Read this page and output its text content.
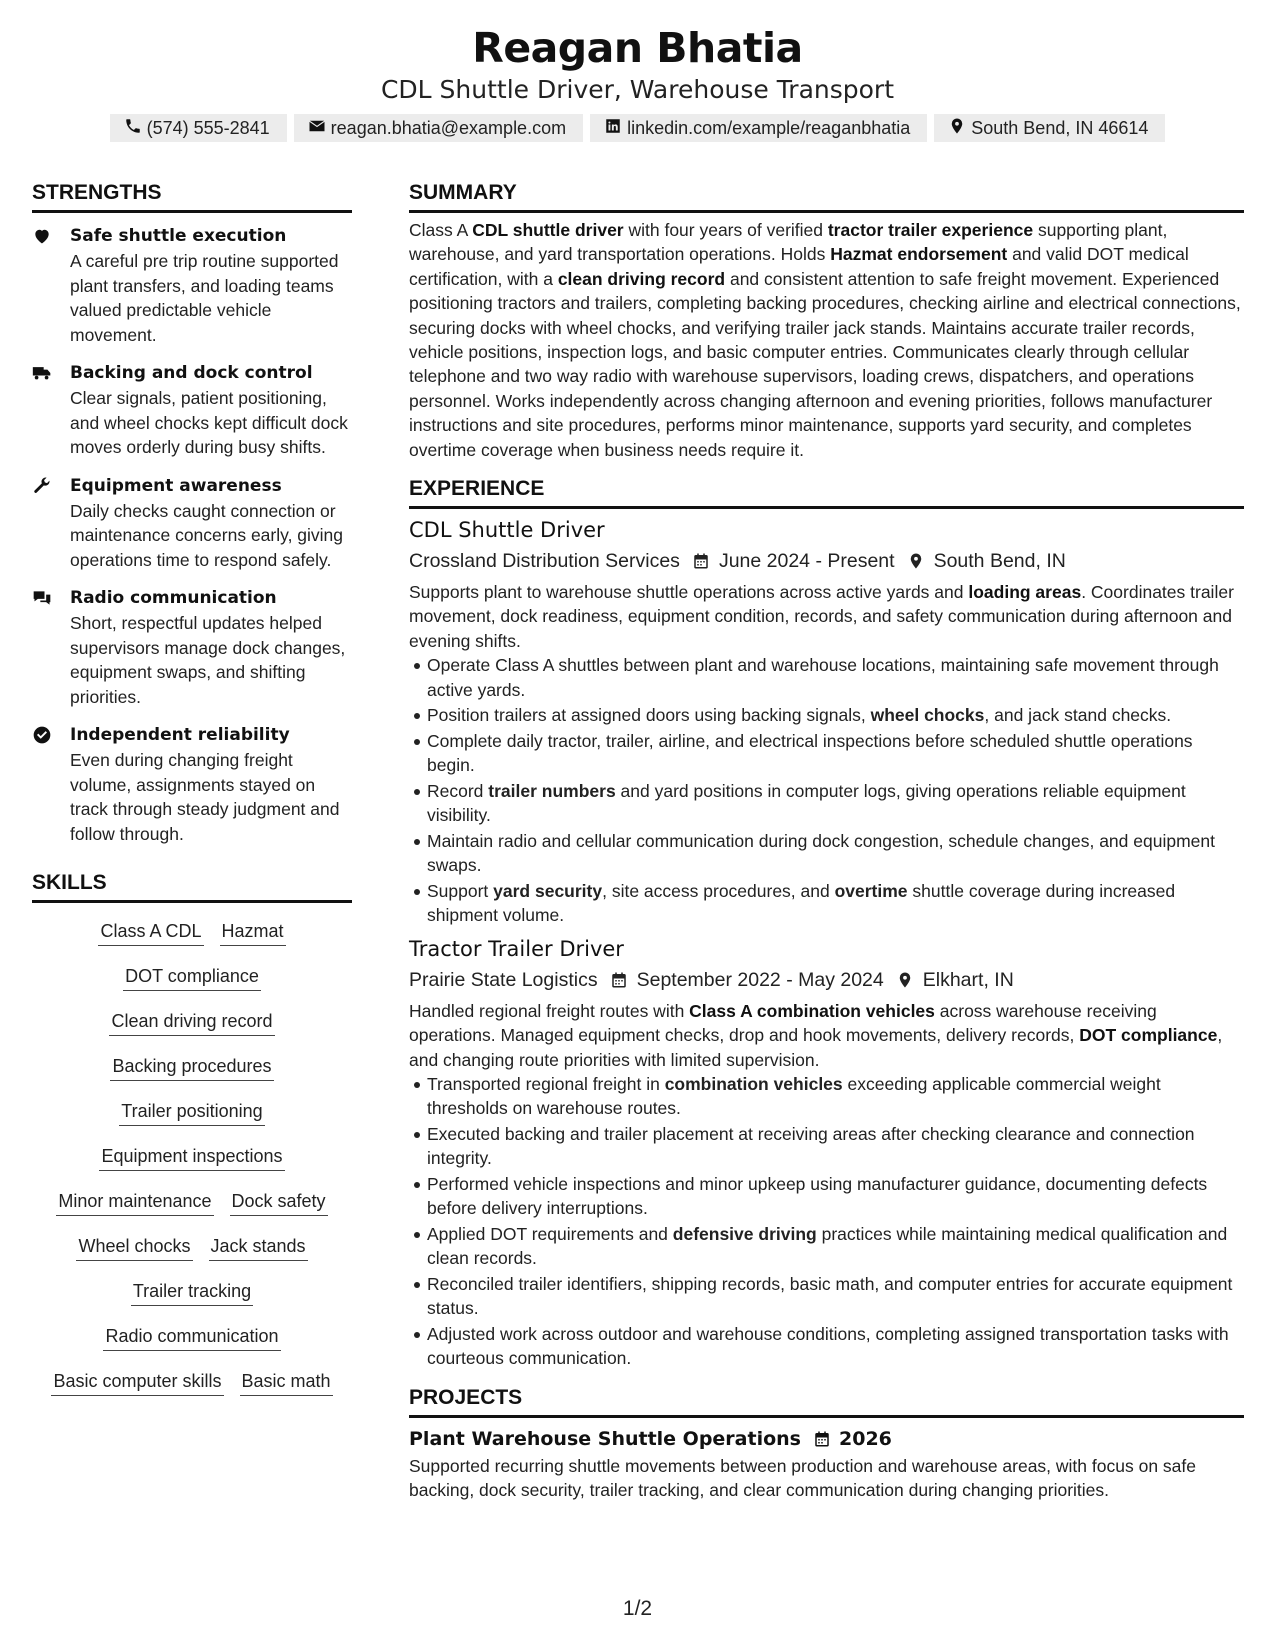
Reagan Bhatia
CDL Shuttle Driver, Warehouse Transport
(574) 555-2841	reagan.bhatia@example.com	linkedin.com/example/reaganbhatia	South Bend, IN 46614
STRENGTHS
Safe shuttle execution
A careful pre trip routine supported plant transfers, and loading teams valued predictable vehicle movement.
Backing and dock control
Clear signals, patient positioning, and wheel chocks kept difficult dock moves orderly during busy shifts.
Equipment awareness
Daily checks caught connection or maintenance concerns early, giving operations time to respond safely.
Radio communication
Short, respectful updates helped supervisors manage dock changes, equipment swaps, and shifting priorities.
Independent reliability
Even during changing freight volume, assignments stayed on track through steady judgment and follow through.
SKILLS
Class A CDL Hazmat
DOT compliance
Clean driving record
Backing procedures
Trailer positioning
Equipment inspections
Minor maintenance Dock safety
Wheel chocks Jack stands
Trailer tracking
Radio communication
Basic computer skills Basic math
SUMMARY
Class A CDL shuttle driver with four years of verified tractor trailer experience supporting plant, warehouse, and yard transportation operations. Holds Hazmat endorsement and valid DOT medical certification, with a clean driving record and consistent attention to safe freight movement. Experienced positioning tractors and trailers, completing backing procedures, checking airline and electrical connections, securing docks with wheel chocks, and verifying trailer jack stands. Maintains accurate trailer records, vehicle positions, inspection logs, and basic computer entries. Communicates clearly through cellular telephone and two way radio with warehouse supervisors, loading crews, dispatchers, and operations personnel. Works independently across changing afternoon and evening priorities, follows manufacturer instructions and site procedures, performs minor maintenance, supports yard security, and completes overtime coverage when business needs require it.
EXPERIENCE
CDL Shuttle Driver
Crossland Distribution Services June 2024 - Present South Bend, IN
Supports plant to warehouse shuttle operations across active yards and loading areas. Coordinates trailer movement, dock readiness, equipment condition, records, and safety communication during afternoon and evening shifts.
Operate Class A shuttles between plant and warehouse locations, maintaining safe movement through active yards.
Position trailers at assigned doors using backing signals, wheel chocks, and jack stand checks.
Complete daily tractor, trailer, airline, and electrical inspections before scheduled shuttle operations begin.
Record trailer numbers and yard positions in computer logs, giving operations reliable equipment visibility.
Maintain radio and cellular communication during dock congestion, schedule changes, and equipment swaps.
Support yard security, site access procedures, and overtime shuttle coverage during increased shipment volume.
Tractor Trailer Driver
Prairie State Logistics September 2022 - May 2024 Elkhart, IN
Handled regional freight routes with Class A combination vehicles across warehouse receiving operations. Managed equipment checks, drop and hook movements, delivery records, DOT compliance, and changing route priorities with limited supervision.
Transported regional freight in combination vehicles exceeding applicable commercial weight thresholds on warehouse routes.
Executed backing and trailer placement at receiving areas after checking clearance and connection integrity.
Performed vehicle inspections and minor upkeep using manufacturer guidance, documenting defects before delivery interruptions.
Applied DOT requirements and defensive driving practices while maintaining medical qualification and clean records.
Reconciled trailer identifiers, shipping records, basic math, and computer entries for accurate equipment status.
Adjusted work across outdoor and warehouse conditions, completing assigned transportation tasks with courteous communication.
PROJECTS
Plant Warehouse Shuttle Operations 2026
Supported recurring shuttle movements between production and warehouse areas, with focus on safe backing, dock security, trailer tracking, and clear communication during changing priorities.
1/2
